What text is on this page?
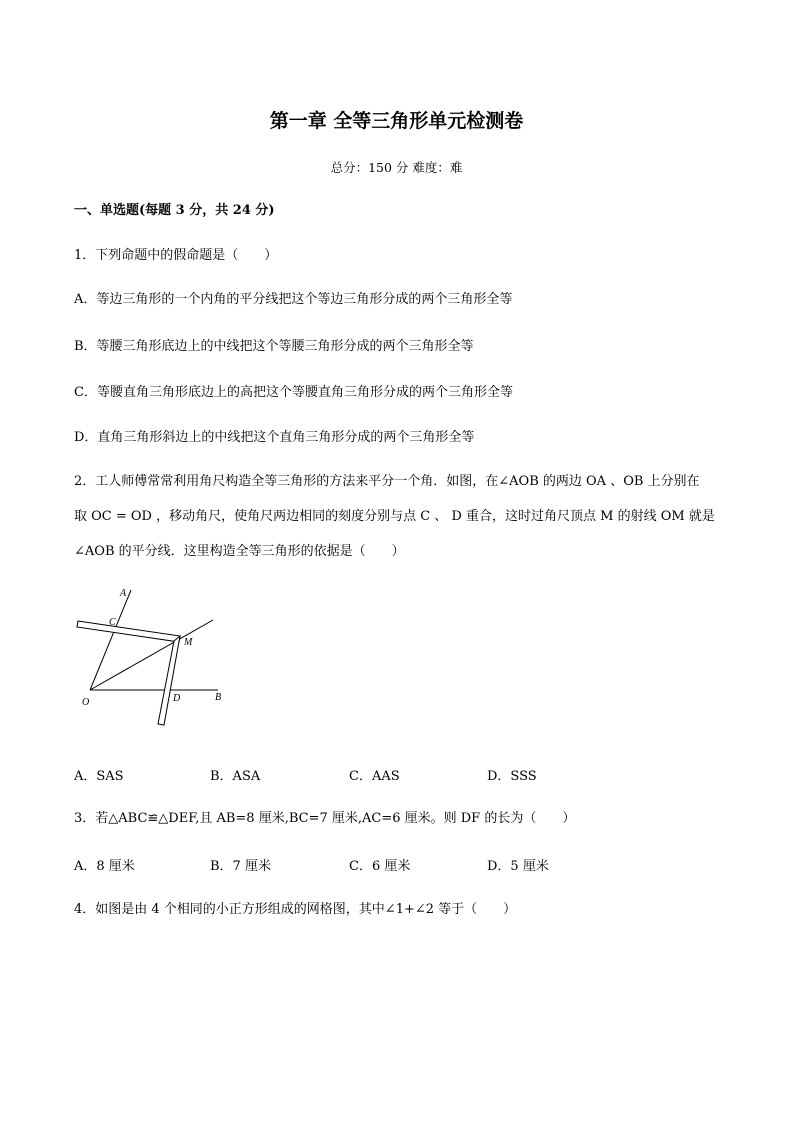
第一章 全等三角形单元检测卷
总分：150 分 难度：难
一、单选题(每题 3 分，共 24 分)
1．下列命题中的假命题是（　　）
A．等边三角形的一个内角的平分线把这个等边三角形分成的两个三角形全等
B．等腰三角形底边上的中线把这个等腰三角形分成的两个三角形全等
C．等腰直角三角形底边上的高把这个等腰直角三角形分成的两个三角形全等
D．直角三角形斜边上的中线把这个直角三角形分成的两个三角形全等
2．工人师傅常常利用角尺构造全等三角形的方法来平分一个角．如图，在∠AOB 的两边 OA 、OB 上分别在
取 OC = OD ，移动角尺，使角尺两边相同的刻度分别与点 C 、 D 重合，这时过角尺顶点 M 的射线 OM 就是
∠AOB 的平分线．这里构造全等三角形的依据是（　　）
A
C
M
O	D	B
A．SAS	B．ASA	C．AAS	D．SSS
3．若△ABC≌△DEF,且 AB=8 厘米,BC=7 厘米,AC=6 厘米。则 DF 的长为（　　）
A．8 厘米	B．7 厘米	C．6 厘米	D．5 厘米
4．如图是由 4 个相同的小正方形组成的网格图，其中∠1+∠2 等于（　　）
